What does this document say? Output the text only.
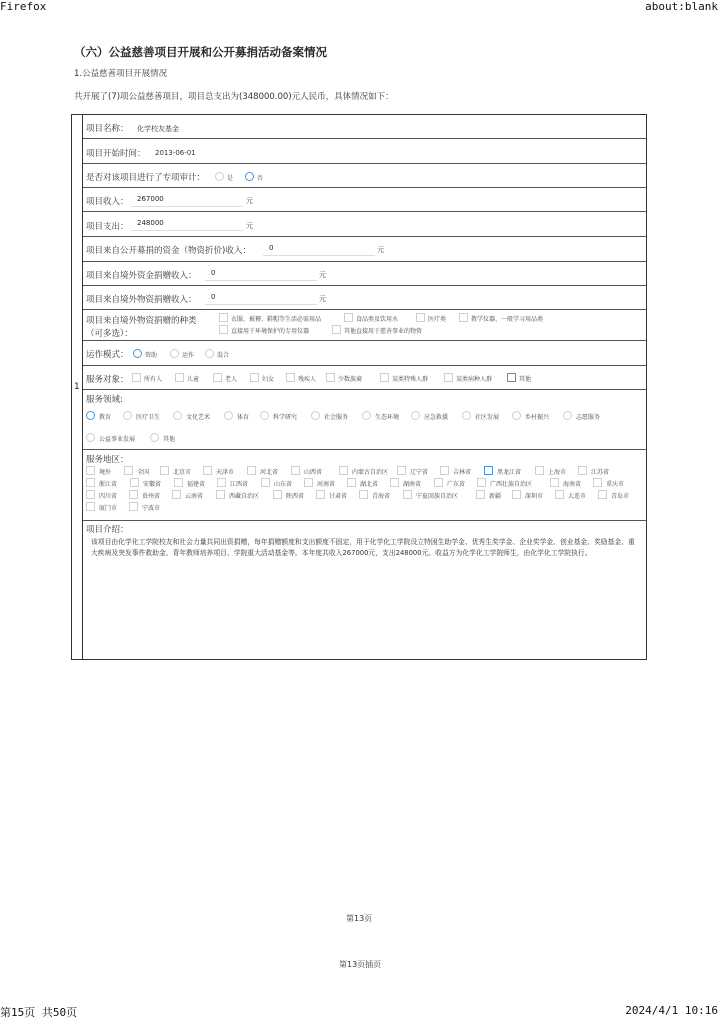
Firefox	about:blank
（六）公益慈善项目开展和公开募捐活动备案情况
1.公益慈善项目开展情况
共开展了(7)项公益慈善项目，项目总支出为(348000.00)元人民币，具体情况如下：
1
项目名称： 化学校友基金
项目开始时间： 2013-06-01
是否对该项目进行了专项审计：	是	否
项目收入：	267000	元
项目支出：	248000	元
项目来自公开募捐的资金（物资折价)收入：	0	元
项目来自境外资金捐赠收入：	0	元
项目来自境外物资捐赠收入：	0	元
项目来自境外物资捐赠的种类
（可多选）：
衣服、被褥、鞋帽等生活必需用品	食品类及饮用水	医疗类	教学仪器、一般学习用品类
直接用于环境保护的专用仪器	其他直接用于慈善事业的物资
运作模式：	资助	运作	混合
服务对象：	所有人	儿童	老人	妇女	残疾人	少数族裔	某类特殊人群	某类病种人群	其他
服务领域:
教育	医疗卫生	文化艺术	体育	科学研究	社会服务	生态环境	应急救援	社区发展	乡村振兴	志愿服务
公益事业发展	其他
服务地区：
境外	全国	北京市	天津市	河北省	山西省	内蒙古自治区	辽宁省	吉林省	黑龙江省	上海市	江苏省
浙江省	安徽省	福建省	江西省	山东省	河南省	湖北省	湖南省	广东省	广西壮族自治区	海南省	重庆市
四川省	贵州省	云南省	西藏自治区	陕西省	甘肃省	青海省	宁夏回族自治区	新疆	深圳市	大连市	青岛市
厦门市	宁波市
项目介绍：
该项目由化学化工学院校友和社会力量共同出资捐赠，每年捐赠额度和支出额度不固定，用于化学化工学院设立特困生助学金、优秀生奖学金、企业奖学金、创业基金、奖励基金、重大疾病及突发事件救助金、青年教师培养项目、学院重大活动基金等。本年度共收入267000元，支出248000元。收益方为化学化工学院师生，由化学化工学院执行。
第13页
第13页插页
第15页 共50页	2024/4/1 10:16
